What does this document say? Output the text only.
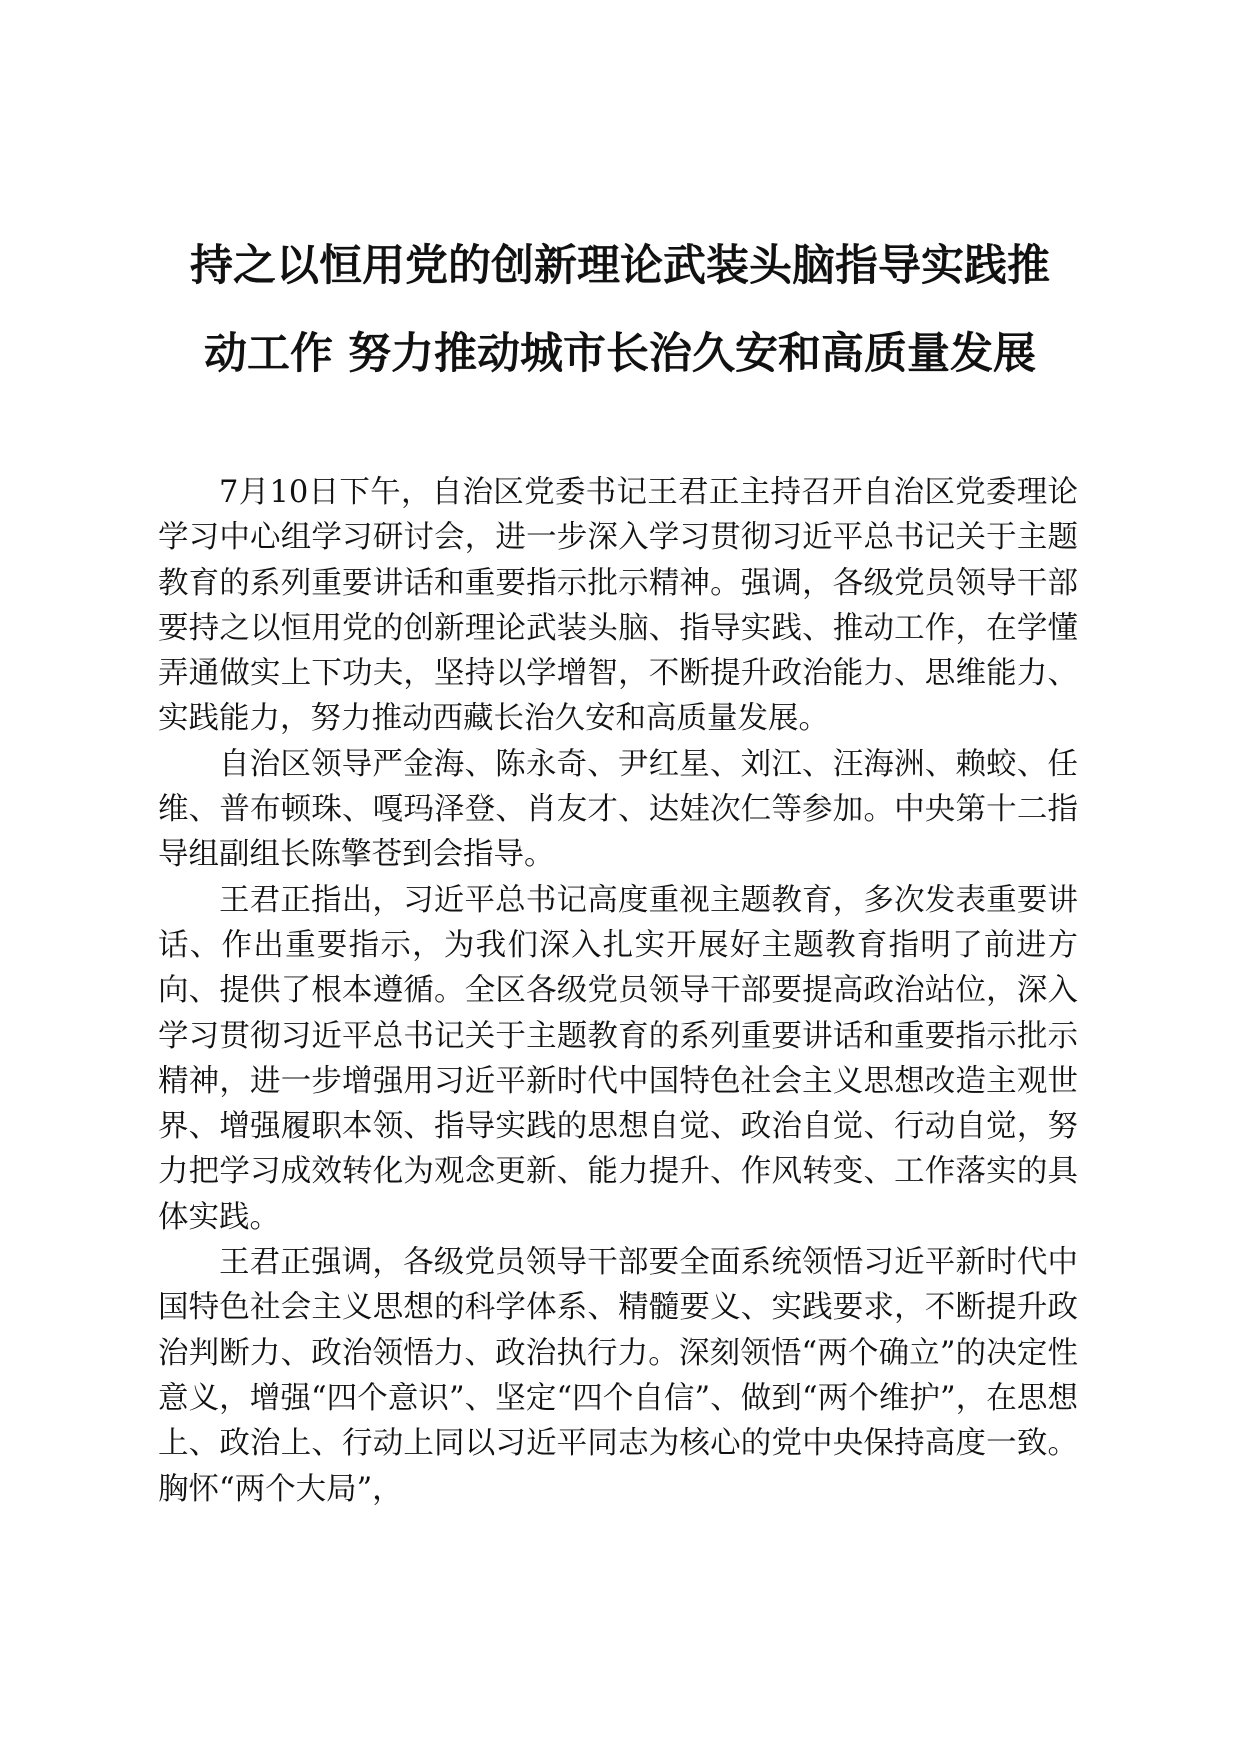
持之以恒用党的创新理论武装头脑指导实践推
动工作 努力推动城市长治久安和高质量发展

7月10日下午，自治区党委书记王君正主持召开自治区党委理论学习中心组学习研讨会，进一步深入学习贯彻习近平总书记关于主题教育的系列重要讲话和重要指示批示精神。强调，各级党员领导干部要持之以恒用党的创新理论武装头脑、指导实践、推动工作，在学懂弄通做实上下功夫，坚持以学增智，不断提升政治能力、思维能力、实践能力，努力推动西藏长治久安和高质量发展。

自治区领导严金海、陈永奇、尹红星、刘江、汪海洲、赖蛟、任维、普布顿珠、嘎玛泽登、肖友才、达娃次仁等参加。中央第十二指导组副组长陈擎苍到会指导。

王君正指出，习近平总书记高度重视主题教育，多次发表重要讲话、作出重要指示，为我们深入扎实开展好主题教育指明了前进方向、提供了根本遵循。全区各级党员领导干部要提高政治站位，深入学习贯彻习近平总书记关于主题教育的系列重要讲话和重要指示批示精神，进一步增强用习近平新时代中国特色社会主义思想改造主观世界、增强履职本领、指导实践的思想自觉、政治自觉、行动自觉，努力把学习成效转化为观念更新、能力提升、作风转变、工作落实的具体实践。

王君正强调，各级党员领导干部要全面系统领悟习近平新时代中国特色社会主义思想的科学体系、精髓要义、实践要求，不断提升政治判断力、政治领悟力、政治执行力。深刻领悟“两个确立”的决定性意义，增强“四个意识”、坚定“四个自信”、做到“两个维护”，在思想上、政治上、行动上同以习近平同志为核心的党中央保持高度一致。胸怀“两个大局”，
